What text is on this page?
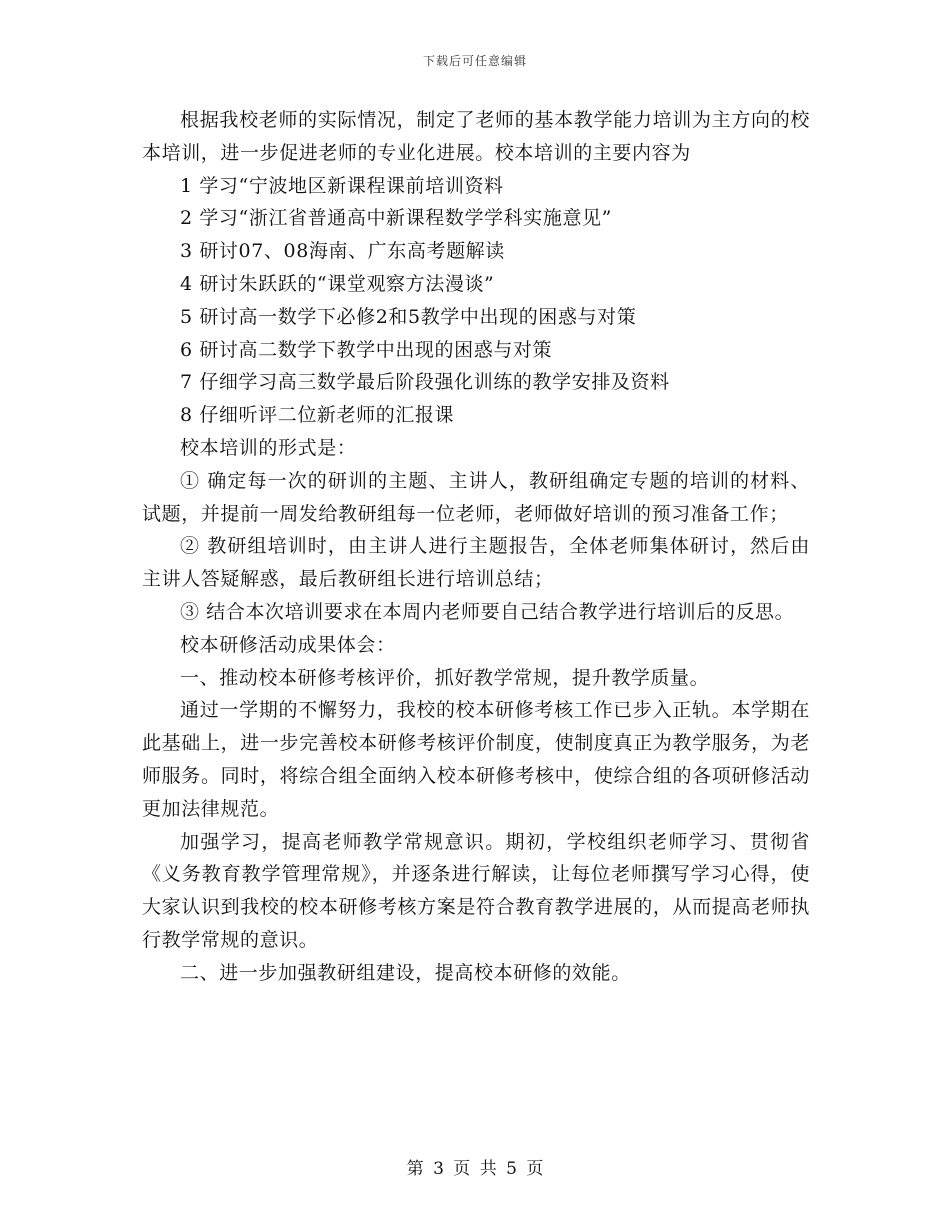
下载后可任意编辑

根据我校老师的实际情况，制定了老师的基本教学能力培训为主方向的校本培训，进一步促进老师的专业化进展。校本培训的主要内容为

1 学习“宁波地区新课程课前培训资料

2 学习“浙江省普通高中新课程数学学科实施意见”

3 研讨07、08海南、广东高考题解读

4 研讨朱跃跃的“课堂观察方法漫谈”

5 研讨高一数学下必修2和5教学中出现的困惑与对策

6 研讨高二数学下教学中出现的困惑与对策

7 仔细学习高三数学最后阶段强化训练的教学安排及资料

8 仔细听评二位新老师的汇报课

校本培训的形式是：

① 确定每一次的研训的主题、主讲人，教研组确定专题的培训的材料、试题，并提前一周发给教研组每一位老师，老师做好培训的预习准备工作；

② 教研组培训时，由主讲人进行主题报告，全体老师集体研讨，然后由主讲人答疑解惑，最后教研组长进行培训总结；

③ 结合本次培训要求在本周内老师要自己结合教学进行培训后的反思。

校本研修活动成果体会：

一、推动校本研修考核评价，抓好教学常规，提升教学质量。

通过一学期的不懈努力，我校的校本研修考核工作已步入正轨。本学期在此基础上，进一步完善校本研修考核评价制度，使制度真正为教学服务，为老师服务。同时，将综合组全面纳入校本研修考核中，使综合组的各项研修活动更加法律规范。

加强学习，提高老师教学常规意识。期初，学校组织老师学习、贯彻省《义务教育教学管理常规》，并逐条进行解读，让每位老师撰写学习心得，使大家认识到我校的校本研修考核方案是符合教育教学进展的，从而提高老师执行教学常规的意识。

二、进一步加强教研组建设，提高校本研修的效能。

第 3 页 共 5 页
